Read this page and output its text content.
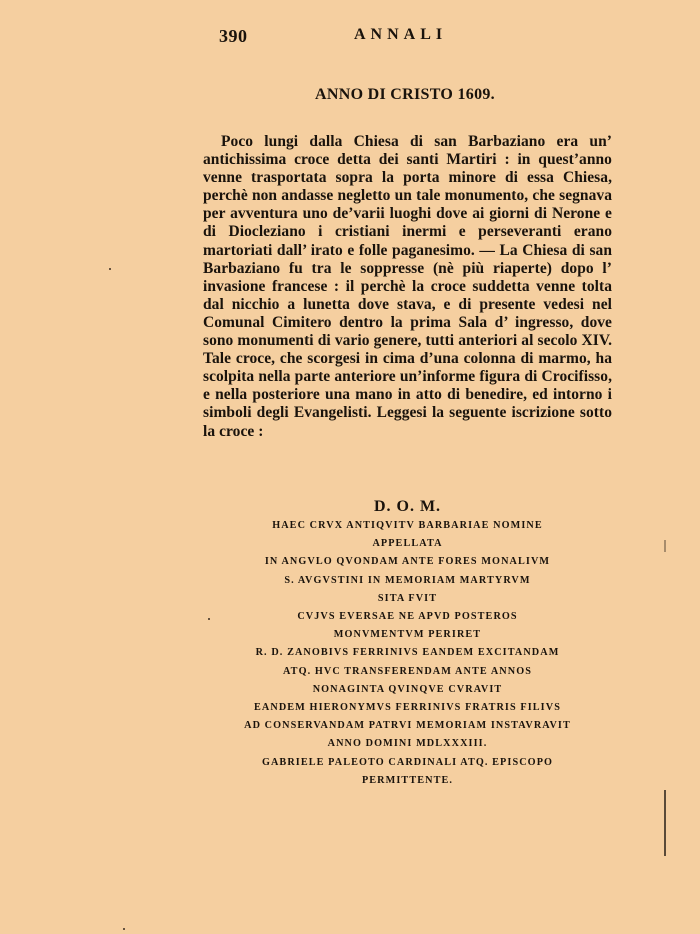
390	ANNALI
ANNO DI CRISTO 1609.

Poco lungi dalla Chiesa di san Barbaziano era un’ antichissima croce detta dei santi Martiri : in quest’anno venne trasportata sopra la porta minore di essa Chiesa, perchè non andasse negletto un tale monumento, che segnava per avventura uno de’varii luoghi dove ai giorni di Nerone e di Diocleziano i cristiani inermi e perseveranti erano martoriati dall’ irato e folle paganesimo. — La Chiesa di san Barbaziano fu tra le soppresse (nè più riaperte) dopo l’ invasione francese : il perchè la croce suddetta venne tolta dal nicchio a lunetta dove stava, e di presente vedesi nel Comunal Cimitero dentro la prima Sala d’ ingresso, dove sono monumenti di vario genere, tutti anteriori al secolo XIV. Tale croce, che scorgesi in cima d’una colonna di marmo, ha scolpita nella parte anteriore un’informe figura di Crocifisso, e nella posteriore una mano in atto di benedire, ed intorno i simboli degli Evangelisti. Leggesi la seguente iscrizione sotto la croce :

D. O. M.
HAEC CRVX ANTIQVITV BARBARIAE NOMINE
APPELLATA
IN ANGVLO QVONDAM ANTE FORES MONALIVM
S. AVGVSTINI IN MEMORIAM MARTYRVM
SITA FVIT
CVJVS EVERSAE NE APVD POSTEROS
MONVMENTVM PERIRET
R. D. ZANOBIVS FERRINIVS EANDEM EXCITANDAM
ATQ. HVC TRANSFERENDAM ANTE ANNOS
NONAGINTA QVINQVE CVRAVIT
EANDEM HIERONYMVS FERRINIVS FRATRIS FILIVS
AD CONSERVANDAM PATRVI MEMORIAM INSTAVRAVIT
ANNO DOMINI MDLXXXIII.
GABRIELE PALEOTO CARDINALI ATQ. EPISCOPO
PERMITTENTE.
